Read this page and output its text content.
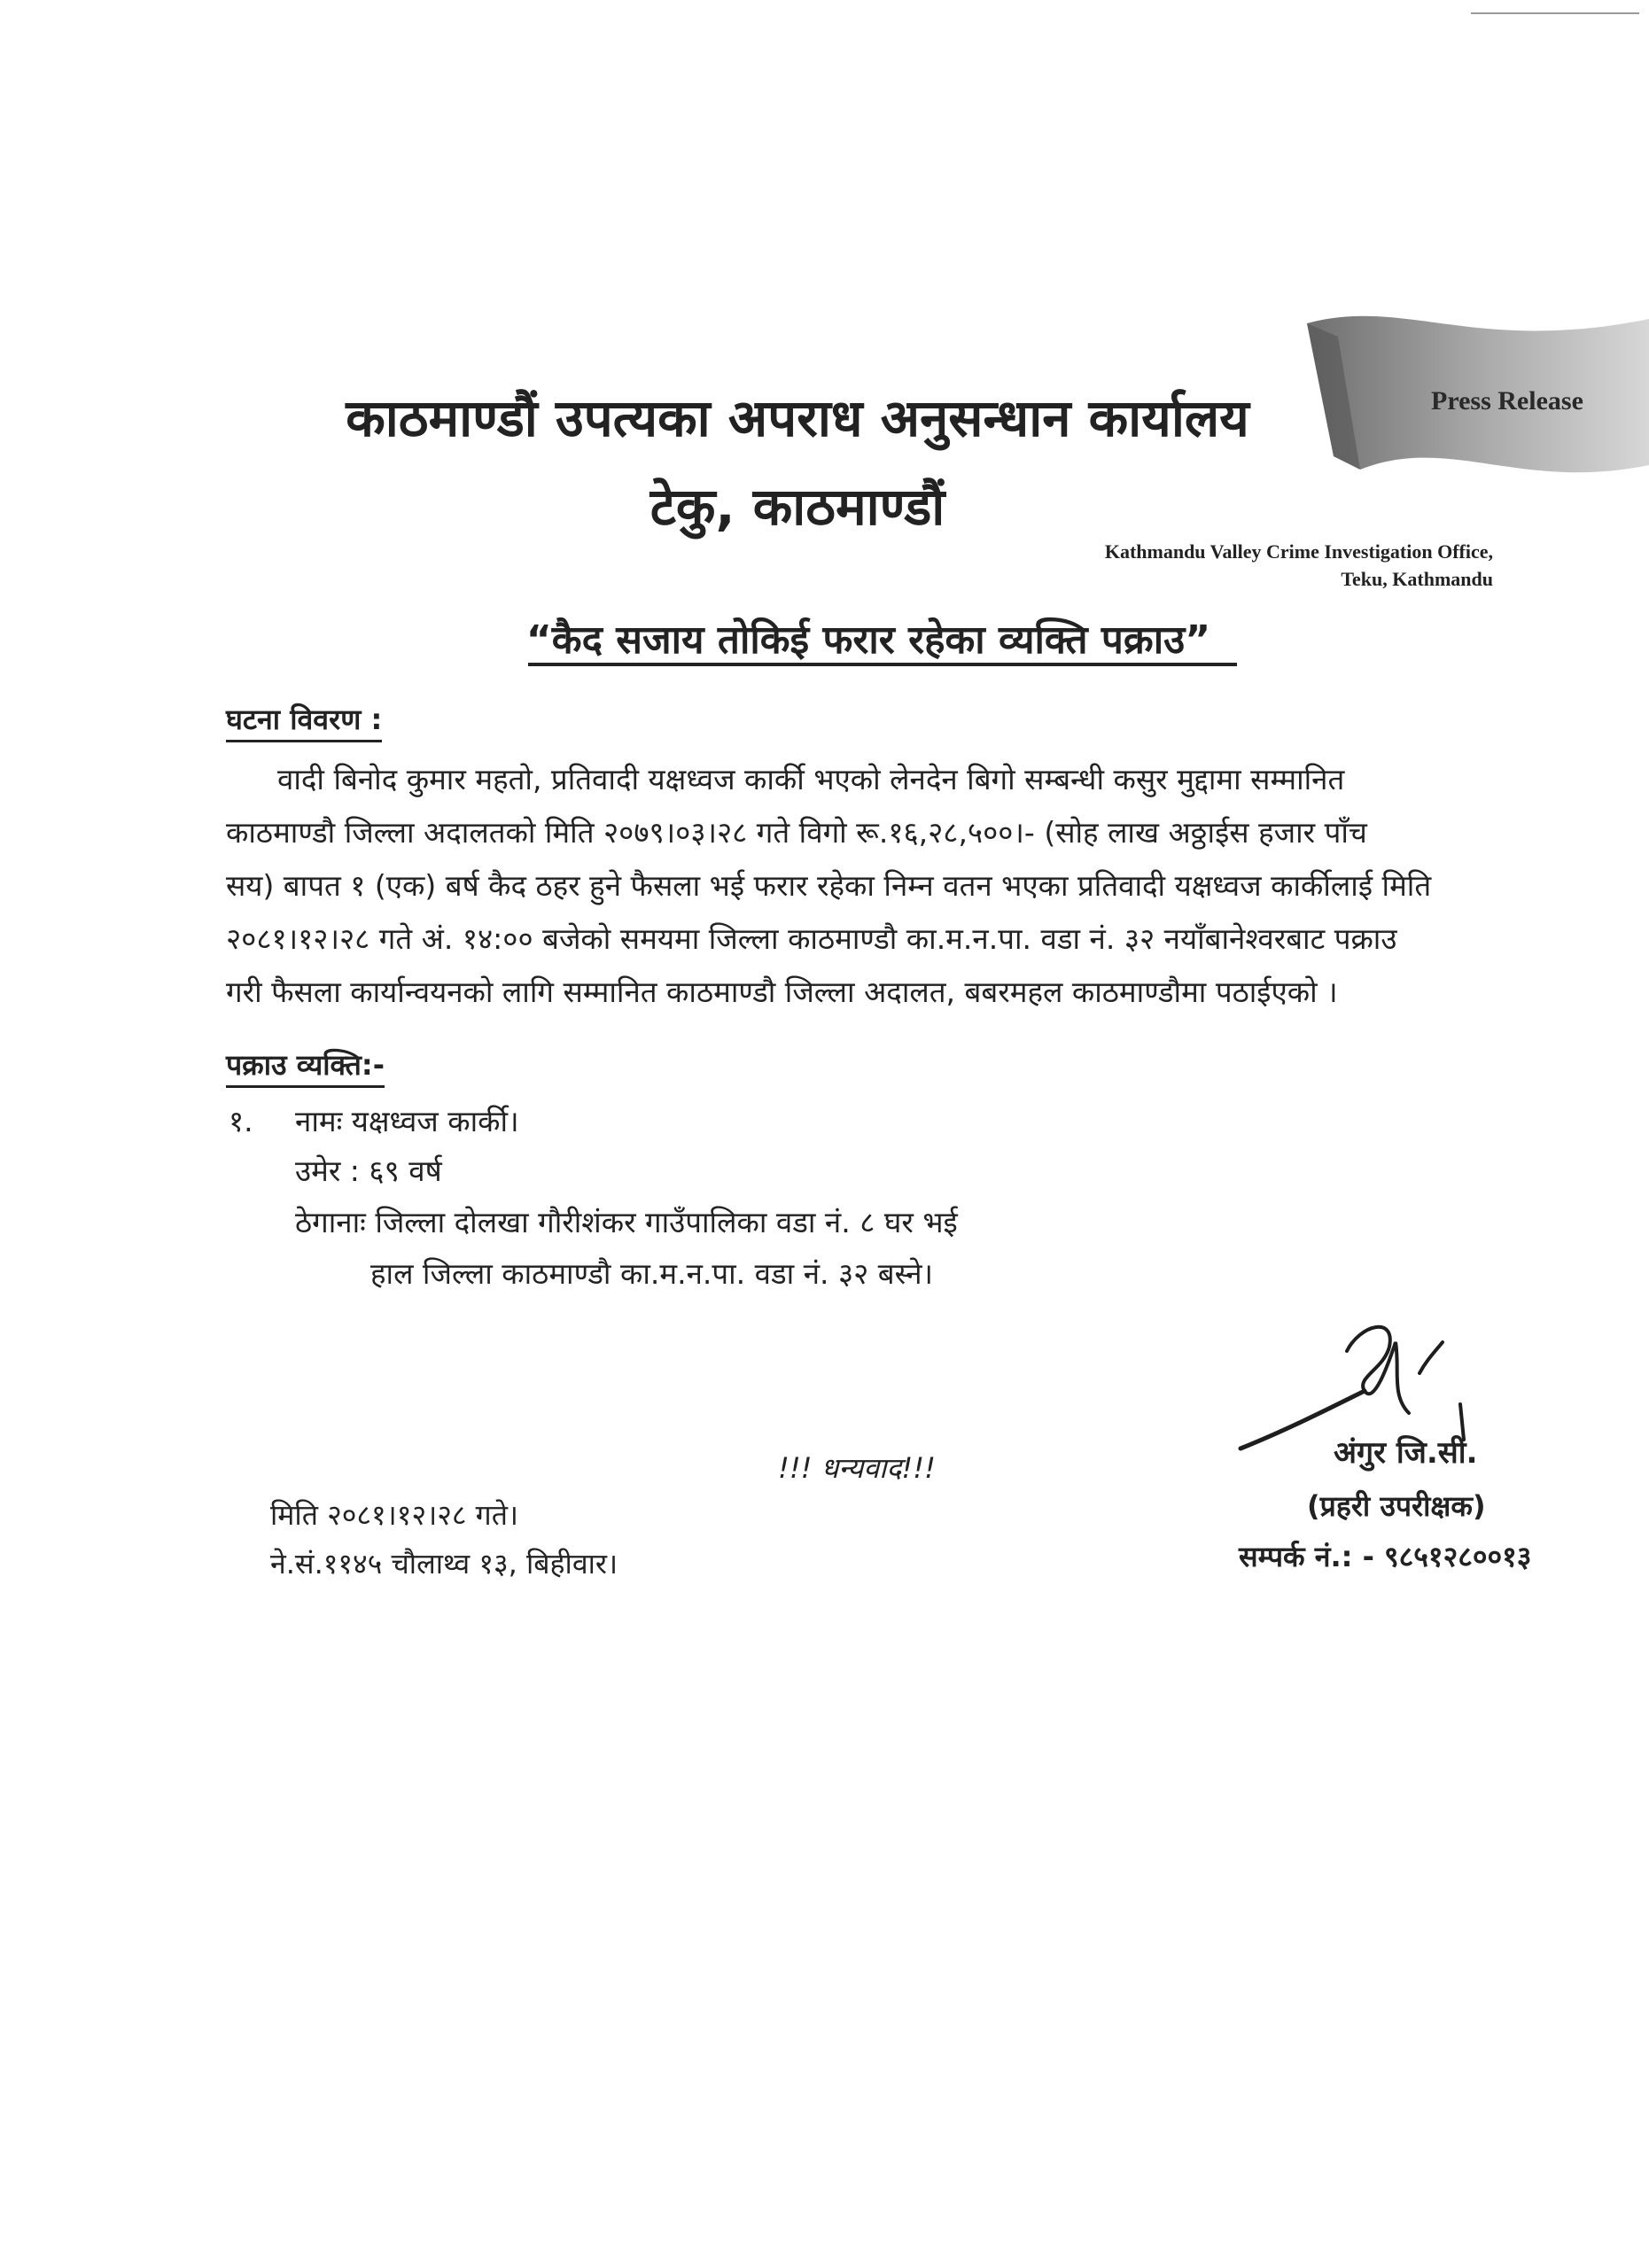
Press Release
काठमाण्डौं उपत्यका अपराध अनुसन्धान कार्यालय
टेकु, काठमाण्डौं
Kathmandu Valley Crime Investigation Office,
Teku, Kathmandu
“कैद सजाय तोकिई फरार रहेका व्यक्ति पक्राउ”
घटना विवरण :
वादी बिनोद कुमार महतो, प्रतिवादी यक्षध्वज कार्की भएको लेनदेन बिगो सम्बन्धी कसुर मुद्दामा सम्मानित
काठमाण्डौ जिल्ला अदालतको मिति २०७९।०३।२८ गते विगो रू.१६,२८,५००।- (सोह लाख अठ्ठाईस हजार पाँच
सय) बापत १ (एक) बर्ष कैद ठहर हुने फैसला भई फरार रहेका निम्न वतन भएका प्रतिवादी यक्षध्वज कार्कीलाई मिति
२०८१।१२।२८ गते अं. १४:०० बजेको समयमा जिल्ला काठमाण्डौ का.म.न.पा. वडा नं. ३२ नयाँबानेश्वरबाट पक्राउ
गरी फैसला कार्यान्वयनको लागि सम्मानित काठमाण्डौ जिल्ला अदालत, बबरमहल काठमाण्डौमा पठाईएको ।
पक्राउ व्यक्ति:-
१. नामः यक्षध्वज कार्की।
उमेर : ६९ वर्ष
ठेगानाः जिल्ला दोलखा गौरीशंकर गाउँपालिका वडा नं. ८ घर भई
हाल जिल्ला काठमाण्डौ का.म.न.पा. वडा नं. ३२ बस्ने।
!!! धन्यवाद!!!	अंगुर जि.सी.
(प्रहरी उपरीक्षक)
सम्पर्क नं.: - ९८५१२८००१३
मिति २०८१।१२।२८ गते।
ने.सं.११४५ चौलाथ्व १३, बिहीवार।
